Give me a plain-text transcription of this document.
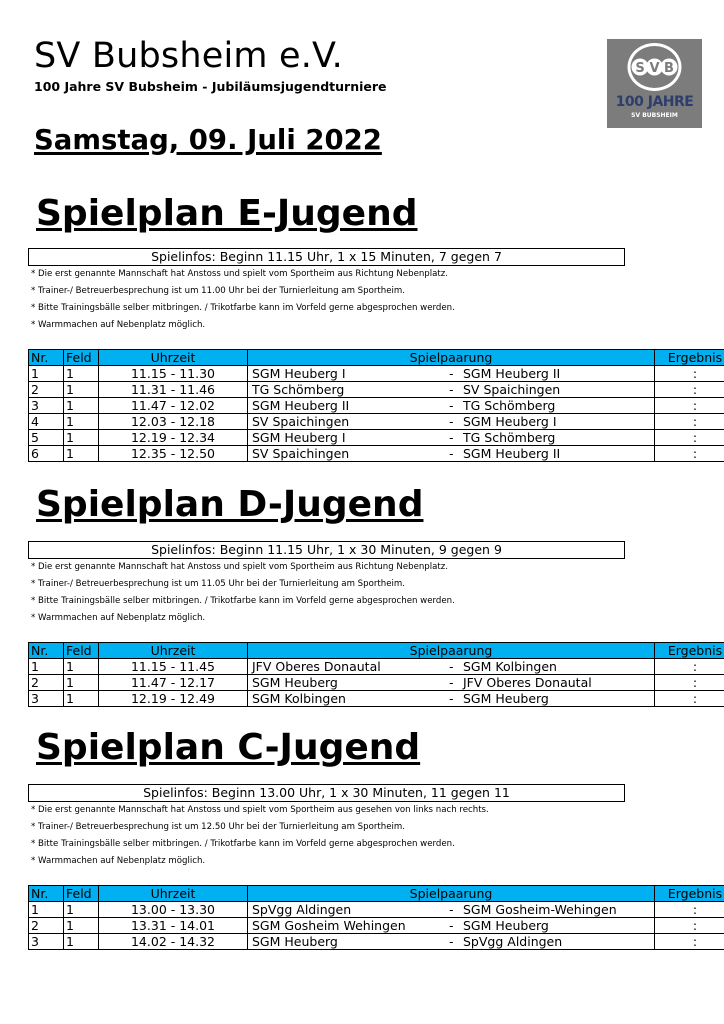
SV Bubsheim e.V.
100 Jahre SV Bubsheim - Jubiläumsjugendturniere
S V B
100 JAHRE
SV BUBSHEIM
Samstag, 09. Juli 2022
Spielplan E-Jugend
Spielinfos: Beginn 11.15 Uhr, 1 x 15 Minuten, 7 gegen 7
* Die erst genannte Mannschaft hat Anstoss und spielt vom Sportheim aus Richtung Nebenplatz.
* Trainer-/ Betreuerbesprechung ist um 11.00 Uhr bei der Turnierleitung am Sportheim.
* Bitte Trainingsbälle selber mitbringen. / Trikotfarbe kann im Vorfeld gerne abgesprochen werden.
* Warmmachen auf Nebenplatz möglich.
Nr.	Feld	Uhrzeit	Spielpaarung	Ergebnis
1	1	11.15 - 11.30	SGM Heuberg I - SGM Heuberg II	:
2	1	11.31 - 11.46	TG Schömberg - SV Spaichingen	:
3	1	11.47 - 12.02	SGM Heuberg II - TG Schömberg	:
4	1	12.03 - 12.18	SV Spaichingen - SGM Heuberg I	:
5	1	12.19 - 12.34	SGM Heuberg I - TG Schömberg	:
6	1	12.35 - 12.50	SV Spaichingen - SGM Heuberg II	:
Spielplan D-Jugend
Spielinfos: Beginn 11.15 Uhr, 1 x 30 Minuten, 9 gegen 9
* Die erst genannte Mannschaft hat Anstoss und spielt vom Sportheim aus Richtung Nebenplatz.
* Trainer-/ Betreuerbesprechung ist um 11.05 Uhr bei der Turnierleitung am Sportheim.
* Bitte Trainingsbälle selber mitbringen. / Trikotfarbe kann im Vorfeld gerne abgesprochen werden.
* Warmmachen auf Nebenplatz möglich.
Nr.	Feld	Uhrzeit	Spielpaarung	Ergebnis
1	1	11.15 - 11.45	JFV Oberes Donautal - SGM Kolbingen	:
2	1	11.47 - 12.17	SGM Heuberg - JFV Oberes Donautal	:
3	1	12.19 - 12.49	SGM Kolbingen - SGM Heuberg	:
Spielplan C-Jugend
Spielinfos: Beginn 13.00 Uhr, 1 x 30 Minuten, 11 gegen 11
* Die erst genannte Mannschaft hat Anstoss und spielt vom Sportheim aus gesehen von links nach rechts.
* Trainer-/ Betreuerbesprechung ist um 12.50 Uhr bei der Turnierleitung am Sportheim.
* Bitte Trainingsbälle selber mitbringen. / Trikotfarbe kann im Vorfeld gerne abgesprochen werden.
* Warmmachen auf Nebenplatz möglich.
Nr.	Feld	Uhrzeit	Spielpaarung	Ergebnis
1	1	13.00 - 13.30	SpVgg Aldingen - SGM Gosheim-Wehingen	:
2	1	13.31 - 14.01	SGM Gosheim Wehingen - SGM Heuberg	:
3	1	14.02 - 14.32	SGM Heuberg - SpVgg Aldingen	:
